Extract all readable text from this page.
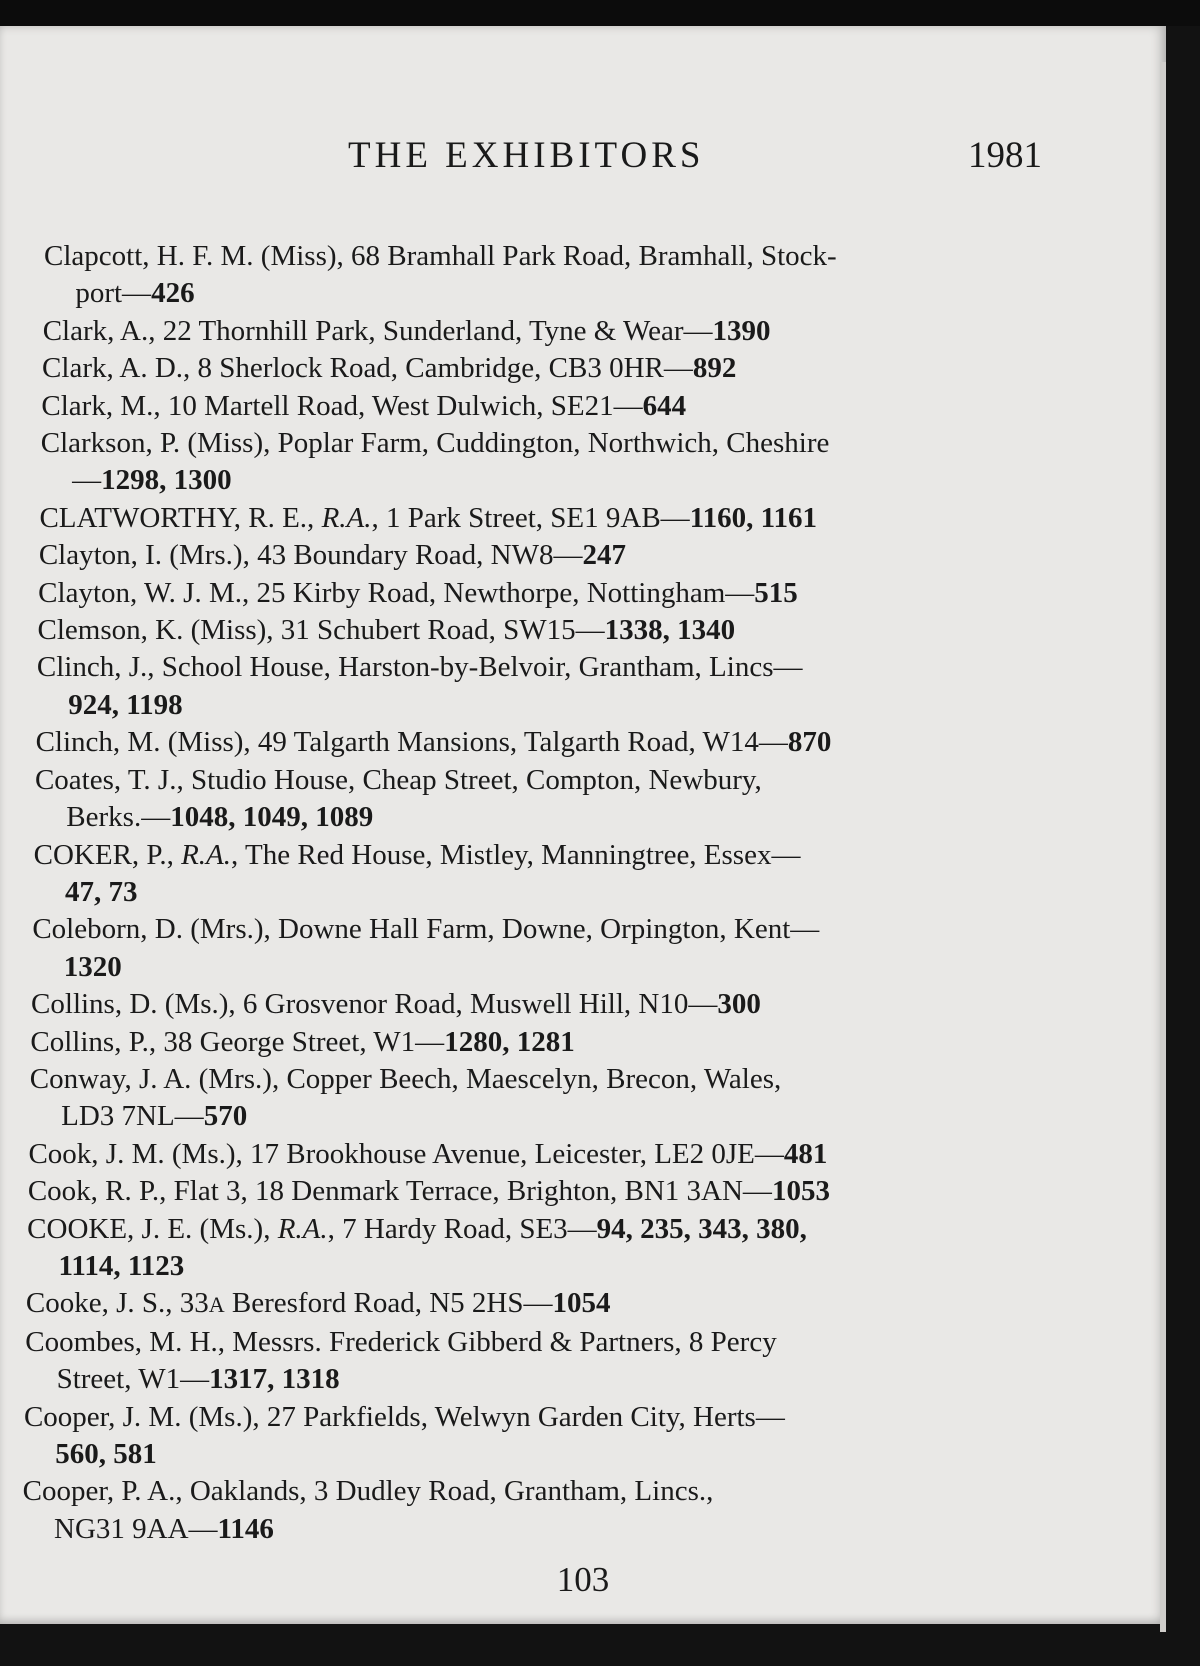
THE EXHIBITORS	1981
Clapcott, H. F. M. (Miss), 68 Bramhall Park Road, Bramhall, Stock-
port—426
Clark, A., 22 Thornhill Park, Sunderland, Tyne & Wear—1390
Clark, A. D., 8 Sherlock Road, Cambridge, CB3 0HR—892
Clark, M., 10 Martell Road, West Dulwich, SE21—644
Clarkson, P. (Miss), Poplar Farm, Cuddington, Northwich, Cheshire
—1298, 1300
CLATWORTHY, R. E., R.A., 1 Park Street, SE1 9AB—1160, 1161
Clayton, I. (Mrs.), 43 Boundary Road, NW8—247
Clayton, W. J. M., 25 Kirby Road, Newthorpe, Nottingham—515
Clemson, K. (Miss), 31 Schubert Road, SW15—1338, 1340
Clinch, J., School House, Harston-by-Belvoir, Grantham, Lincs—
924, 1198
Clinch, M. (Miss), 49 Talgarth Mansions, Talgarth Road, W14—870
Coates, T. J., Studio House, Cheap Street, Compton, Newbury,
Berks.—1048, 1049, 1089
COKER, P., R.A., The Red House, Mistley, Manningtree, Essex—
47, 73
Coleborn, D. (Mrs.), Downe Hall Farm, Downe, Orpington, Kent—
1320
Collins, D. (Ms.), 6 Grosvenor Road, Muswell Hill, N10—300
Collins, P., 38 George Street, W1—1280, 1281
Conway, J. A. (Mrs.), Copper Beech, Maescelyn, Brecon, Wales,
LD3 7NL—570
Cook, J. M. (Ms.), 17 Brookhouse Avenue, Leicester, LE2 0JE—481
Cook, R. P., Flat 3, 18 Denmark Terrace, Brighton, BN1 3AN—1053
COOKE, J. E. (Ms.), R.A., 7 Hardy Road, SE3—94, 235, 343, 380,
1114, 1123
Cooke, J. S., 33A Beresford Road, N5 2HS—1054
Coombes, M. H., Messrs. Frederick Gibberd & Partners, 8 Percy
Street, W1—1317, 1318
Cooper, J. M. (Ms.), 27 Parkfields, Welwyn Garden City, Herts—
560, 581
Cooper, P. A., Oaklands, 3 Dudley Road, Grantham, Lincs.,
NG31 9AA—1146
103
